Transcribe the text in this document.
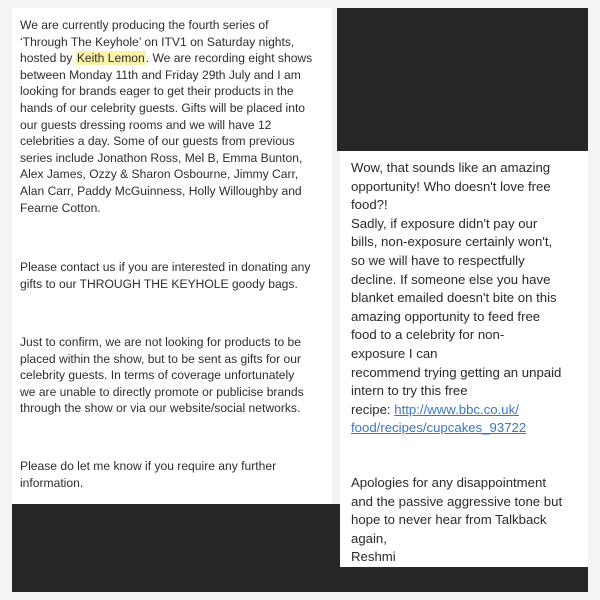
We are currently producing the fourth series of
‘Through The Keyhole’ on ITV1 on Saturday nights,
hosted by Keith Lemon. We are recording eight shows
between Monday 11th and Friday 29th July and I am
looking for brands eager to get their products in the
hands of our celebrity guests. Gifts will be placed into
our guests dressing rooms and we will have 12
celebrities a day. Some of our guests from previous
series include Jonathon Ross, Mel B, Emma Bunton,
Alex James, Ozzy & Sharon Osbourne, Jimmy Carr,
Alan Carr, Paddy McGuinness, Holly Willoughby and
Fearne Cotton.

Please contact us if you are interested in donating any
gifts to our THROUGH THE KEYHOLE goody bags.

Just to confirm, we are not looking for products to be
placed within the show, but to be sent as gifts for our
celebrity guests. In terms of coverage unfortunately
we are unable to directly promote or publicise brands
through the show or via our website/social networks.

Please do let me know if you require any further
information.

Wow, that sounds like an amazing
opportunity! Who doesn't love free
food?!
Sadly, if exposure didn't pay our
bills, non-exposure certainly won't,
so we will have to respectfully
decline. If someone else you have
blanket emailed doesn't bite on this
amazing opportunity to feed free
food to a celebrity for non-
exposure I can
recommend trying getting an unpaid
intern to try this free
recipe: http://www.bbc.co.uk/ food/recipes/cupcakes_93722

Apologies for any disappointment
and the passive aggressive tone but
hope to never hear from Talkback
again,
Reshmi
